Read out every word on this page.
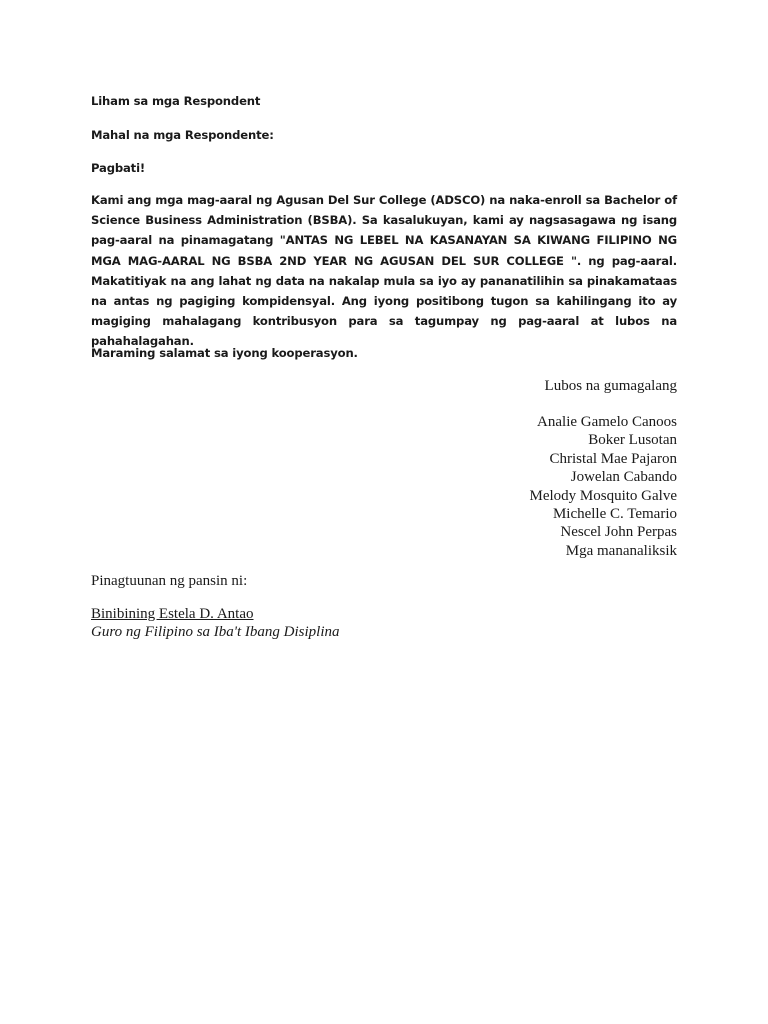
Liham sa mga Respondent
Mahal na mga Respondente:
Pagbati!
Kami ang mga mag-aaral ng Agusan Del Sur College (ADSCO) na naka-enroll sa Bachelor of Science Business Administration (BSBA). Sa kasalukuyan, kami ay nagsasagawa ng isang pag-aaral na pinamagatang "ANTAS NG LEBEL NA KASANAYAN SA KIWANG FILIPINO NG MGA MAG-AARAL NG BSBA 2ND YEAR NG AGUSAN DEL SUR COLLEGE ". ng pag-aaral. Makatitiyak na ang lahat ng data na nakalap mula sa iyo ay pananatilihin sa pinakamataas na antas ng pagiging kompidensyal. Ang iyong positibong tugon sa kahilingang ito ay magiging mahalagang kontribusyon para sa tagumpay ng pag-aaral at lubos na pahahalagahan.
Maraming salamat sa iyong kooperasyon.
Lubos na gumagalang
Analie Gamelo Canoos
Boker Lusotan
Christal Mae Pajaron
Jowelan Cabando
Melody Mosquito Galve
Michelle C. Temario
Nescel John Perpas
Mga mananaliksik
Pinagtuunan ng pansin ni:
Binibining Estela D. Antao
Guro ng Filipino sa Iba't Ibang Disiplina
